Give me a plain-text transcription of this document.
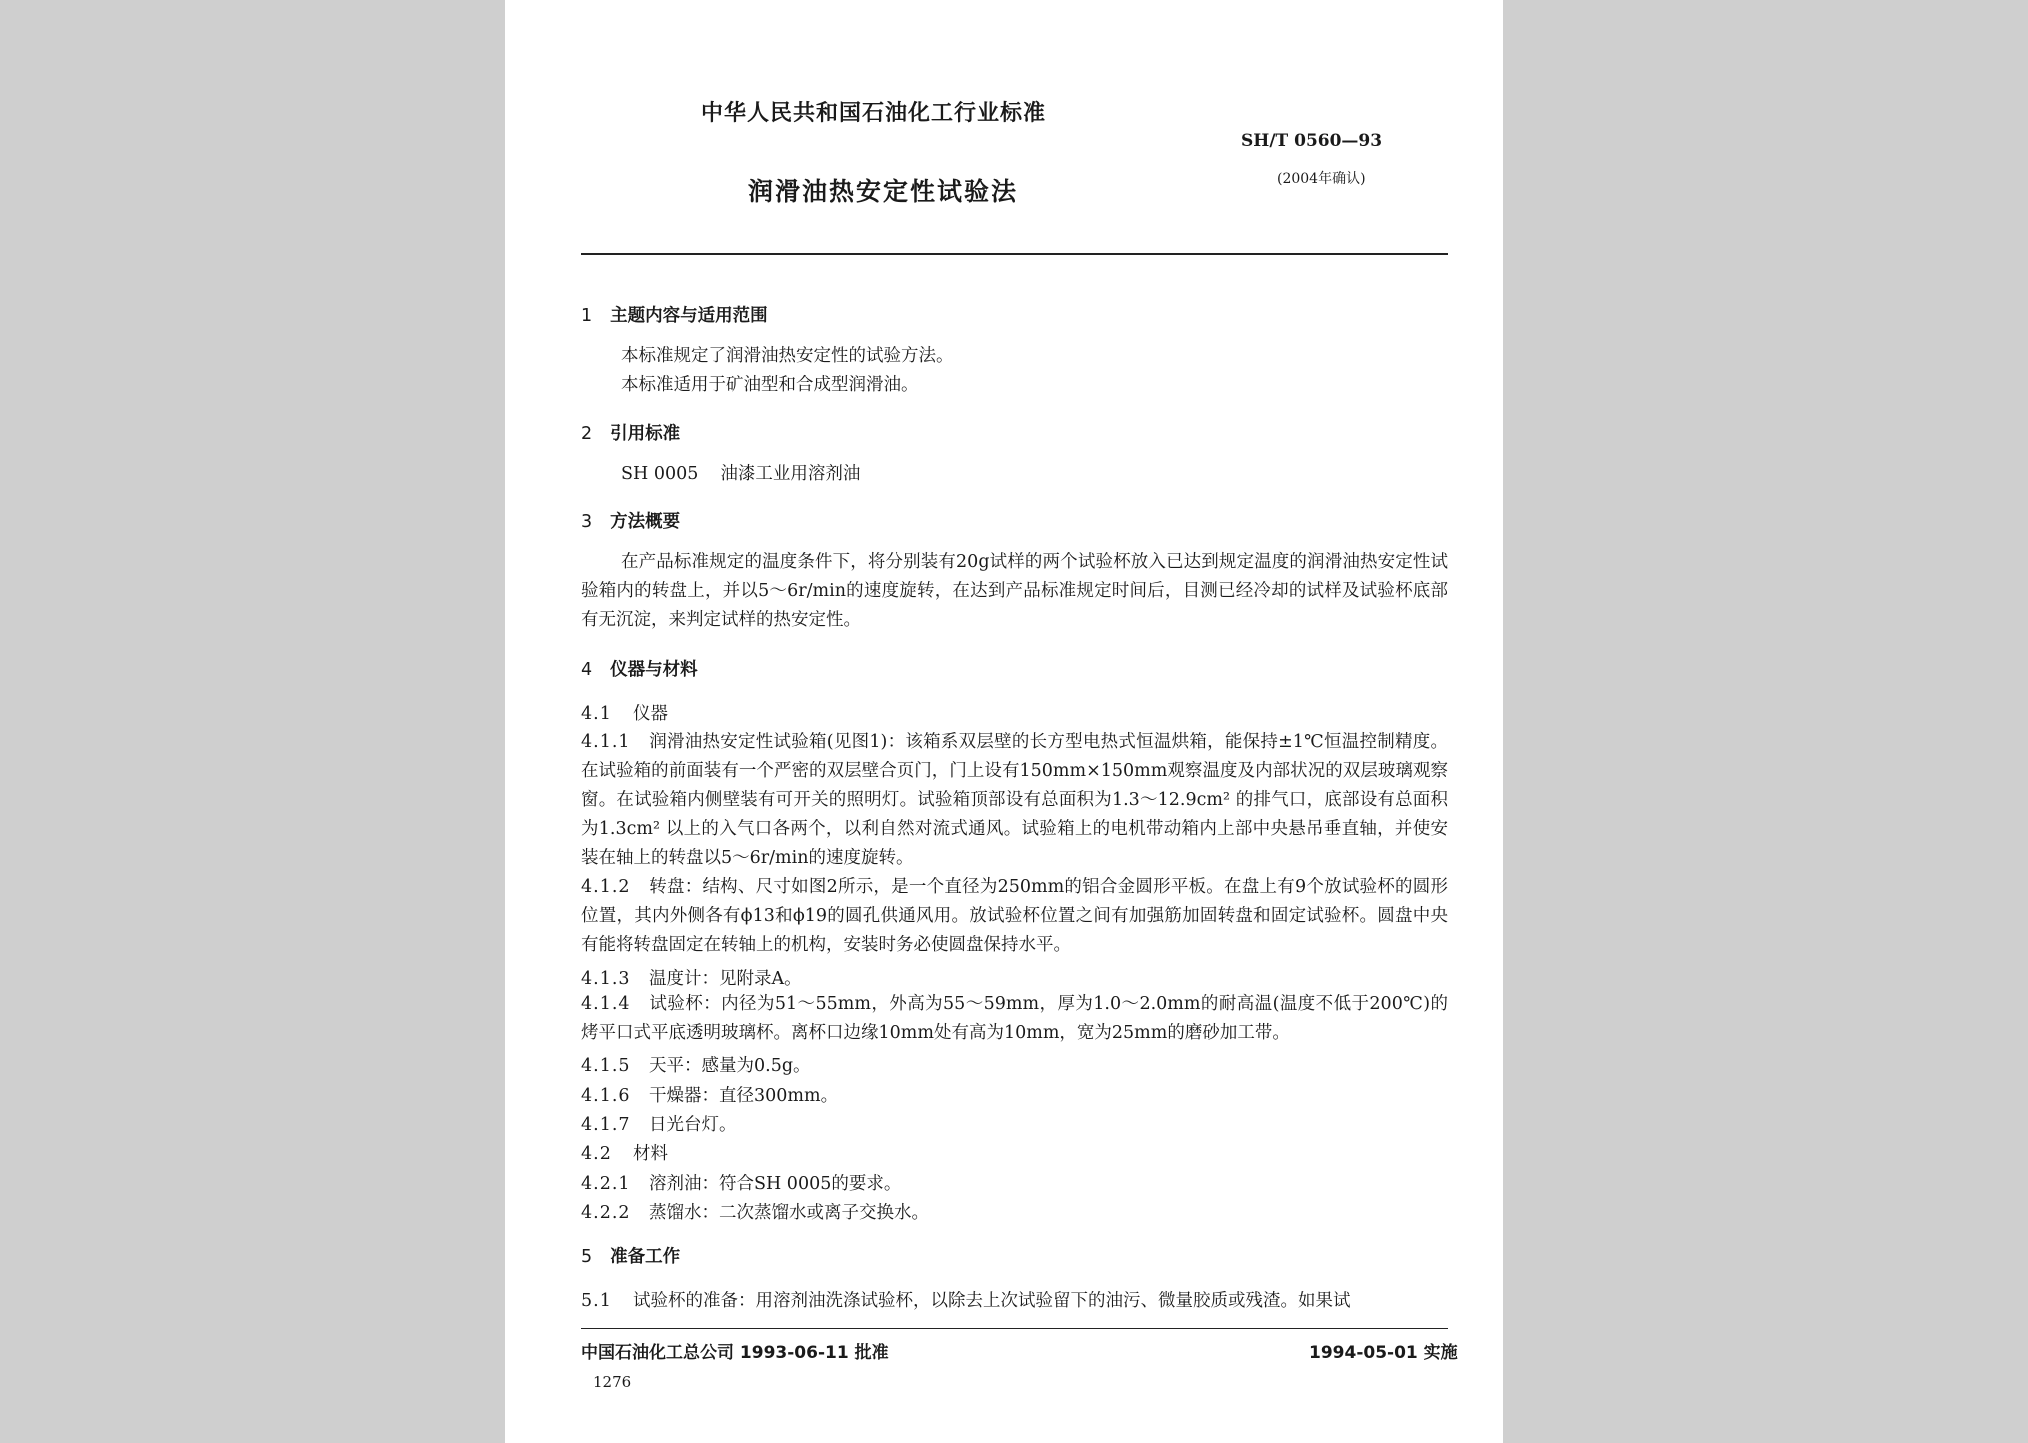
中华人民共和国石油化工行业标准
SH/T 0560—93
(2004年确认)
润滑油热安定性试验法
1 主题内容与适用范围
本标准规定了润滑油热安定性的试验方法。
本标准适用于矿油型和合成型润滑油。
2 引用标准
SH 0005 油漆工业用溶剂油
3 方法概要
在产品标准规定的温度条件下，将分别装有20g试样的两个试验杯放入已达到规定温度的润滑油热安定性试验箱内的转盘上，并以5～6r/min的速度旋转，在达到产品标准规定时间后，目测已经冷却的试样及试验杯底部有无沉淀，来判定试样的热安定性。
4 仪器与材料
4.1 仪器
4.1.1 润滑油热安定性试验箱(见图1)：该箱系双层壁的长方型电热式恒温烘箱，能保持±1℃恒温控制精度。在试验箱的前面装有一个严密的双层壁合页门，门上设有150mm×150mm观察温度及内部状况的双层玻璃观察窗。在试验箱内侧壁装有可开关的照明灯。试验箱顶部设有总面积为1.3～12.9cm² 的排气口，底部设有总面积为1.3cm² 以上的入气口各两个，以利自然对流式通风。试验箱上的电机带动箱内上部中央悬吊垂直轴，并使安装在轴上的转盘以5～6r/min的速度旋转。
4.1.2 转盘：结构、尺寸如图2所示，是一个直径为250mm的铝合金圆形平板。在盘上有9个放试验杯的圆形位置，其内外侧各有ϕ13和ϕ19的圆孔供通风用。放试验杯位置之间有加强筋加固转盘和固定试验杯。圆盘中央有能将转盘固定在转轴上的机构，安装时务必使圆盘保持水平。
4.1.3 温度计：见附录A。
4.1.4 试验杯：内径为51～55mm，外高为55～59mm，厚为1.0～2.0mm的耐高温(温度不低于200℃)的烤平口式平底透明玻璃杯。离杯口边缘10mm处有高为10mm，宽为25mm的磨砂加工带。
4.1.5 天平：感量为0.5g。
4.1.6 干燥器：直径300mm。
4.1.7 日光台灯。
4.2 材料
4.2.1 溶剂油：符合SH 0005的要求。
4.2.2 蒸馏水：二次蒸馏水或离子交换水。
5 准备工作
5.1 试验杯的准备：用溶剂油洗涤试验杯，以除去上次试验留下的油污、微量胶质或残渣。如果试
中国石油化工总公司 1993-06-11 批准	1994-05-01 实施
1276
